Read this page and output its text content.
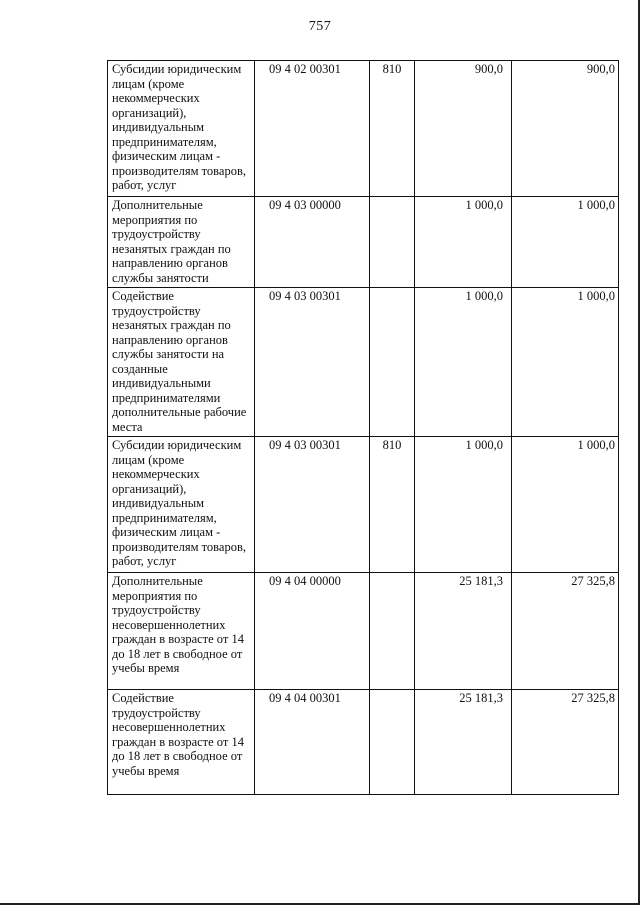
757
Субсидии юридическим лицам (кроме некоммерческих организаций), индивидуальным предпринимателям, физическим лицам - производителям товаров, работ, услуг	09 4 02 00301	810	900,0	900,0
Дополнительные мероприятия по трудоустройству незанятых граждан по направлению органов службы занятости	09 4 03 00000		1 000,0	1 000,0
Содействие трудоустройству незанятых граждан по направлению органов службы занятости на созданные индивидуальными предпринимателями дополнительные рабочие места	09 4 03 00301		1 000,0	1 000,0
Субсидии юридическим лицам (кроме некоммерческих организаций), индивидуальным предпринимателям, физическим лицам - производителям товаров, работ, услуг	09 4 03 00301	810	1 000,0	1 000,0
Дополнительные мероприятия по трудоустройству несовершеннолетних граждан в возрасте от 14 до 18 лет в свободное от учебы время	09 4 04 00000		25 181,3	27 325,8
Содействие трудоустройству несовершеннолетних граждан в возрасте от 14 до 18 лет в свободное от учебы время	09 4 04 00301		25 181,3	27 325,8
